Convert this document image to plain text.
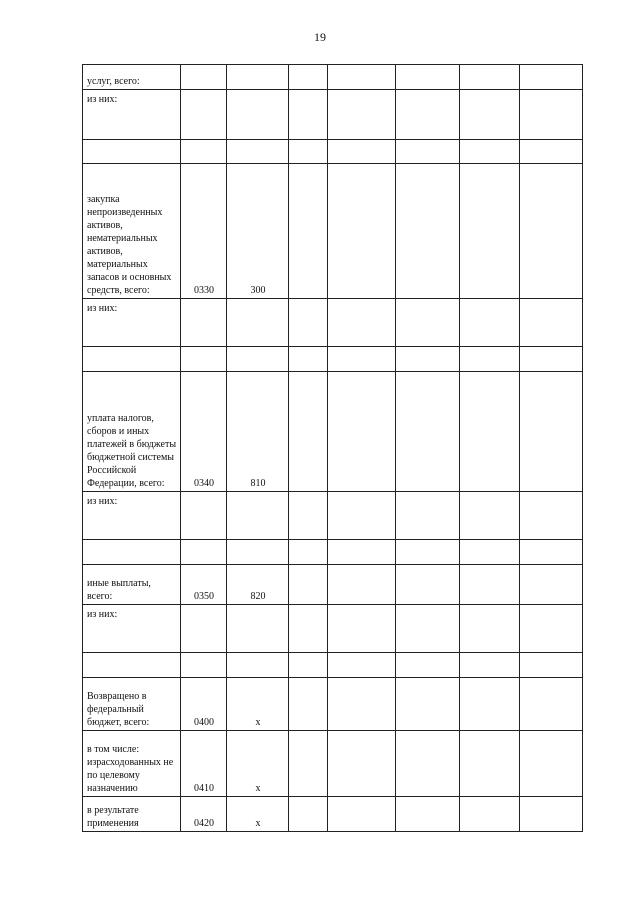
19
услуг, всего:							
из них:							

закупка непроизведенных активов, нематериальных активов, материальных запасов и основных средств, всего:	0330	300					
из них:							

уплата налогов, сборов и иных платежей в бюджеты бюджетной системы Российской Федерации, всего:	0340	810					
из них:							

иные выплаты, всего:	0350	820					
из них:							

Возвращено в федеральный бюджет, всего:	0400	x					
в том числе: израсходованных не по целевому назначению	0410	x					
в результате применения	0420	x					
